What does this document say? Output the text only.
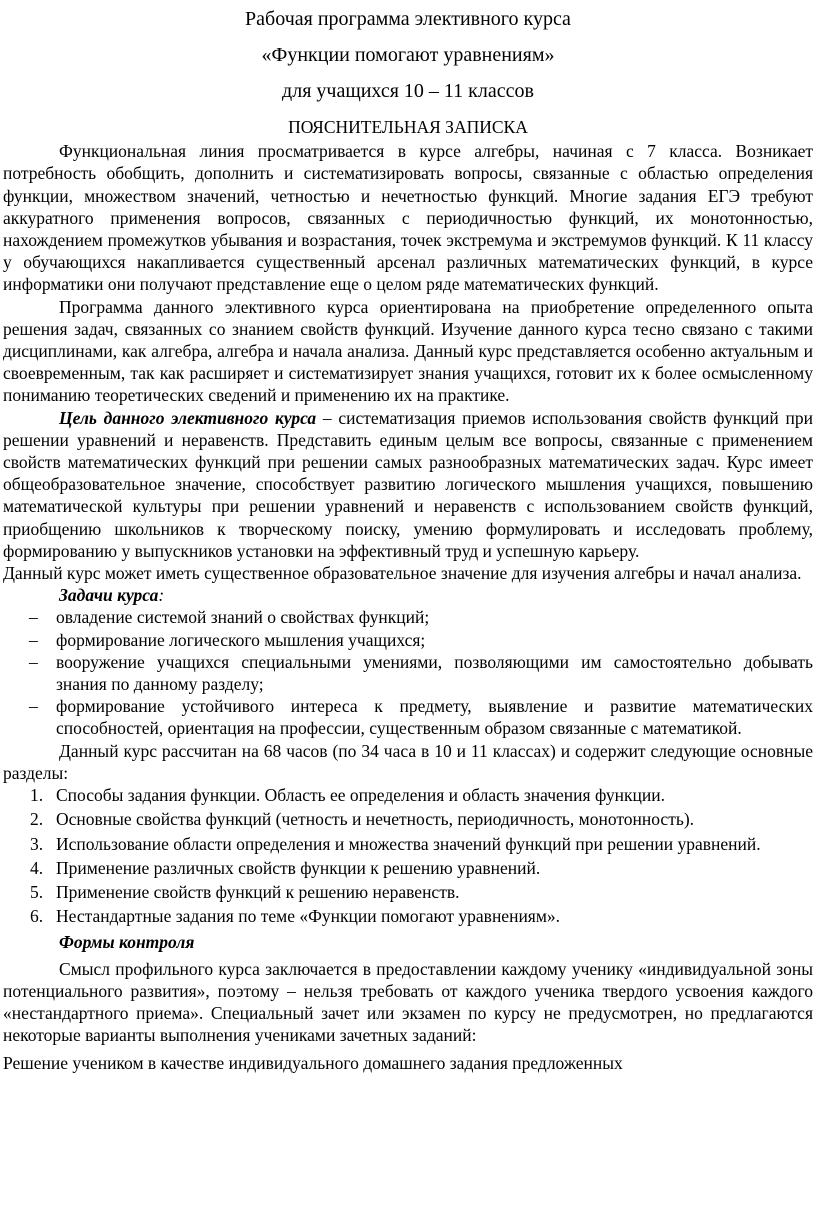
Рабочая программа элективного курса
«Функции помогают уравнениям»
для учащихся 10 – 11 классов
ПОЯСНИТЕЛЬНАЯ ЗАПИСКА

Функциональная линия просматривается в курсе алгебры, начиная с 7 класса. Возникает потребность обобщить, дополнить и систематизировать вопросы, связанные с областью определения функции, множеством значений, четностью и нечетностью функций. Многие задания ЕГЭ требуют аккуратного применения вопросов, связанных с периодичностью функций, их монотонностью, нахождением промежутков убывания и возрастания, точек экстремума и экстремумов функций. К 11 классу у обучающихся накапливается существенный арсенал различных математических функций, в курсе информатики они получают представление еще о целом ряде математических функций.

Программа данного элективного курса ориентирована на приобретение определенного опыта решения задач, связанных со знанием свойств функций. Изучение данного курса тесно связано с такими дисциплинами, как алгебра, алгебра и начала анализа. Данный курс представляется особенно актуальным и своевременным, так как расширяет и систематизирует знания учащихся, готовит их к более осмысленному пониманию теоретических сведений и применению их на практике.

Цель данного элективного курса – систематизация приемов использования свойств функций при решении уравнений и неравенств. Представить единым целым все вопросы, связанные с применением свойств математических функций при решении самых разнообразных математических задач. Курс имеет общеобразовательное значение, способствует развитию логического мышления учащихся, повышению математической культуры при решении уравнений и неравенств с использованием свойств функций, приобщению школьников к творческому поиску, умению формулировать и исследовать проблему, формированию у выпускников установки на эффективный труд и успешную карьеру.

Данный курс может иметь существенное образовательное значение для изучения алгебры и начал анализа.

Задачи курса:

– овладение системой знаний о свойствах функций;
– формирование логического мышления учащихся;
– вооружение учащихся специальными умениями, позволяющими им самостоятельно добывать знания по данному разделу;
– формирование устойчивого интереса к предмету, выявление и развитие математических способностей, ориентация на профессии, существенным образом связанные с математикой.

Данный курс рассчитан на 68 часов (по 34 часа в 10 и 11 классах) и содержит следующие основные разделы:

1. Способы задания функции. Область ее определения и область значения функции.
2. Основные свойства функций (четность и нечетность, периодичность, монотонность).
3. Использование области определения и множества значений функций при решении уравнений.
4. Применение различных свойств функции к решению уравнений.
5. Применение свойств функций к решению неравенств.
6. Нестандартные задания по теме «Функции помогают уравнениям».

Формы контроля

Смысл профильного курса заключается в предоставлении каждому ученику «индивидуальной зоны потенциального развития», поэтому – нельзя требовать от каждого ученика твердого усвоения каждого «нестандартного приема». Специальный зачет или экзамен по курсу не предусмотрен, но предлагаются некоторые варианты выполнения учениками зачетных заданий:

Решение учеником в качестве индивидуального домашнего задания предложенных
